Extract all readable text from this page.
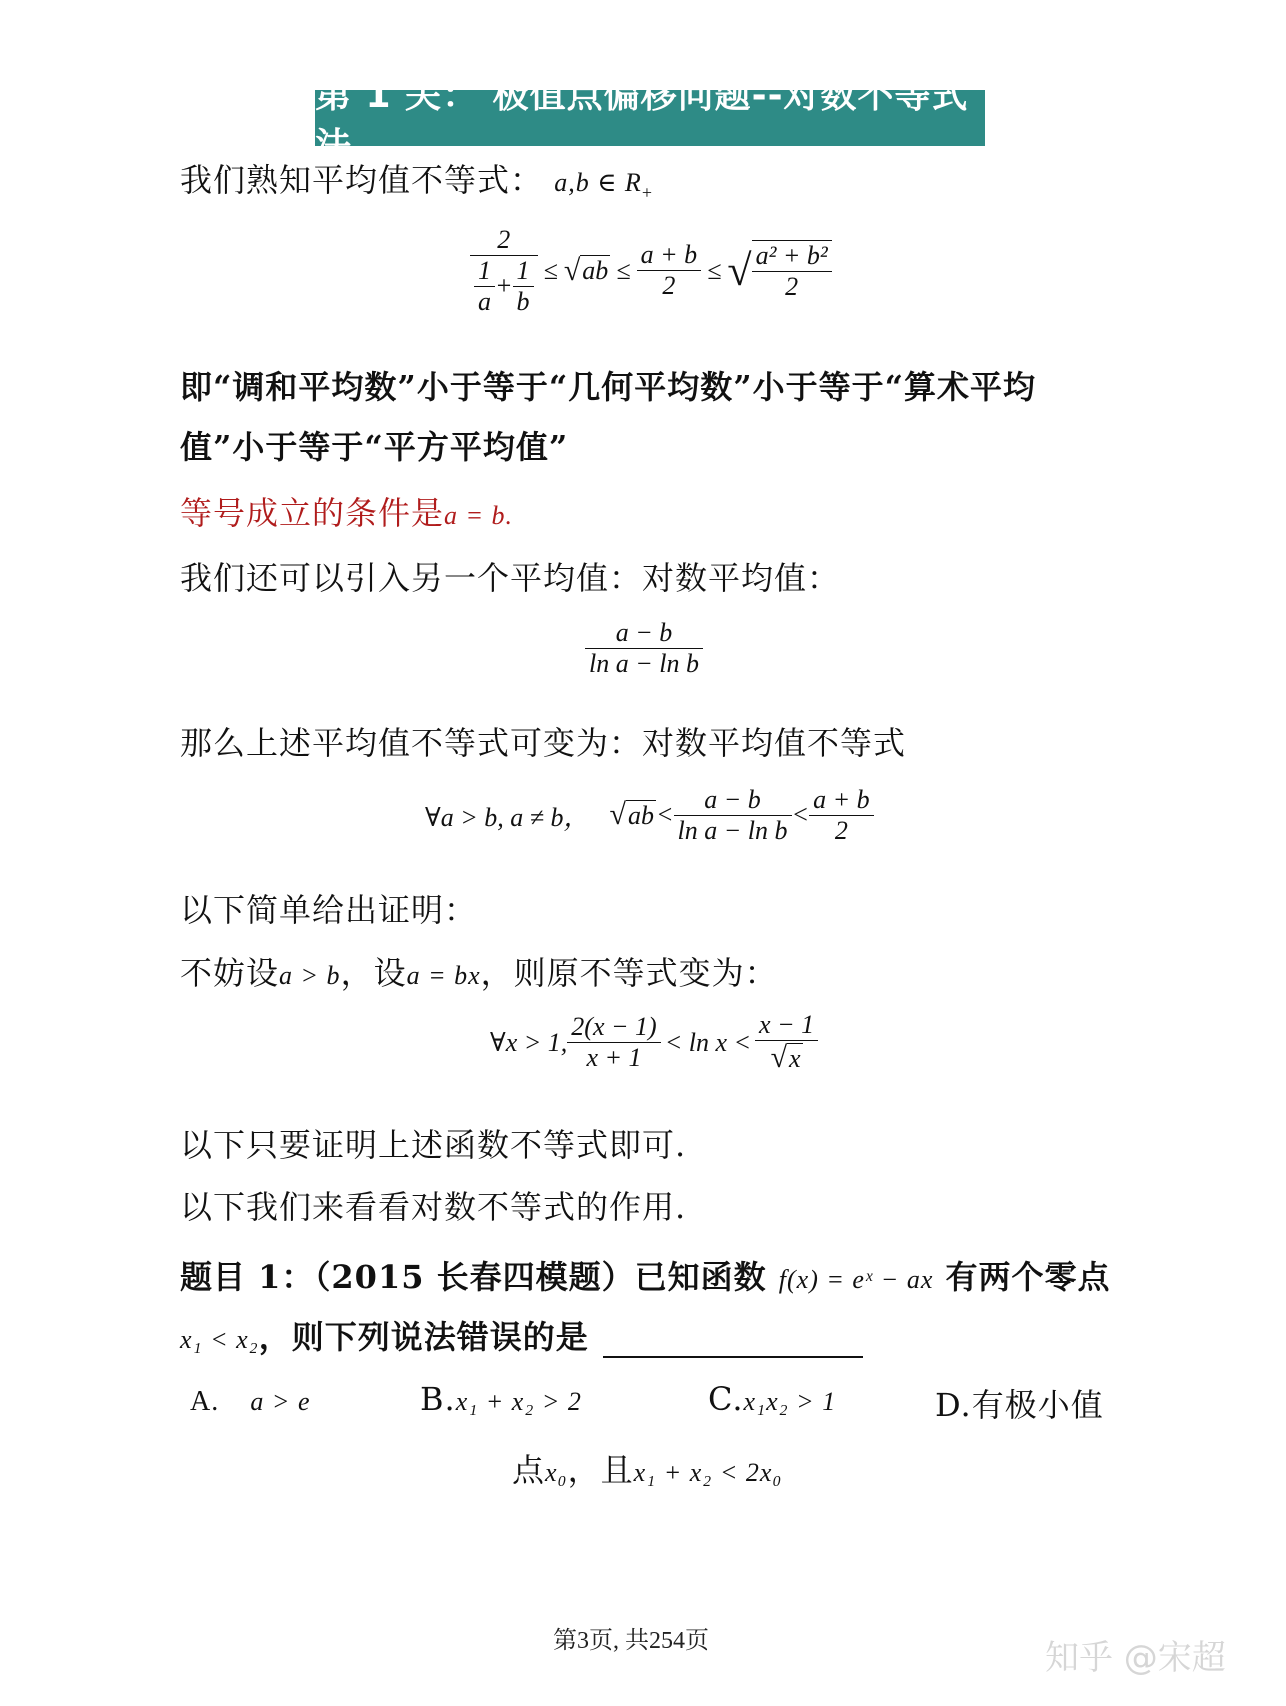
第 1 关： 极值点偏移问题--对数不等式法
我们熟知平均值不等式： a,b ∈ $R_+$
$\frac{2}{\frac{1}{a} + \frac{1}{b}}$ ≤ √ ab ≤ $\frac{a + b}{2}$ ≤ √ $\frac{\text{a² + b²}}{2}$
即“调和平均数”小于等于“几何平均数”小于等于“算术平均
值”小于等于“平方平均值”
等号成立的条件是a = b.
我们还可以引入另一个平均值：对数平均值：
$\frac{a - b}{\text{ln a − ln b}}$
那么上述平均值不等式可变为：对数平均值不等式
∀a > b, a ≠ b， √ ab < $\frac{a - b}{\text{ln a − ln b}} < \frac{a + b}{2}$
以下简单给出证明：
不妨设a > b，设a = bx，则原不等式变为：
∀x > 1, $\frac{2(x - 1)}{x + 1} < \ln x < \frac{x - 1}{√x}$
以下只要证明上述函数不等式即可.
以下我们来看看对数不等式的作用.
题目 1：（2015 长春四模题）已知函数 f(x) = eˣ − ax 有两个零点
x₁ < x₂，则下列说法错误的是
A. a > e	B.x₁ + x₂ > 2	C.x₁x₂ > 1	D.有极小值
点x₀，且x₁ + x₂ < 2x₀
第3页, 共254页	知乎 @宋超
